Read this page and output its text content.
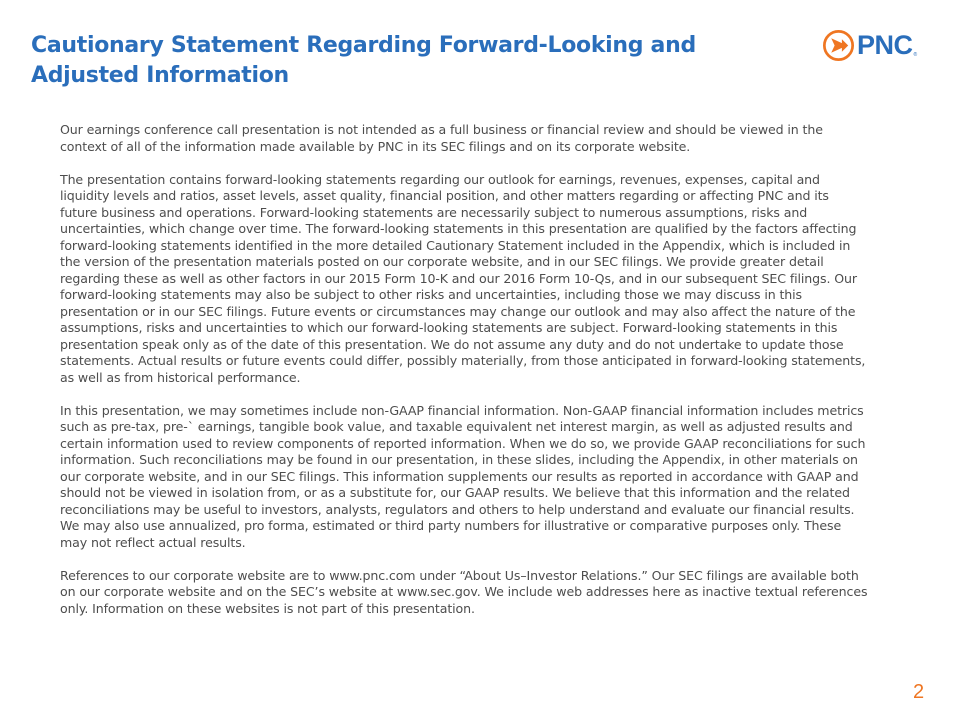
Cautionary Statement Regarding Forward-Looking and Adjusted Information
PNC ®

Our earnings conference call presentation is not intended as a full business or financial review and should be viewed in the context of all of the information made available by PNC in its SEC filings and on its corporate website.

The presentation contains forward-looking statements regarding our outlook for earnings, revenues, expenses, capital and liquidity levels and ratios, asset levels, asset quality, financial position, and other matters regarding or affecting PNC and its future business and operations. Forward-looking statements are necessarily subject to numerous assumptions, risks and uncertainties, which change over time. The forward-looking statements in this presentation are qualified by the factors affecting forward-looking statements identified in the more detailed Cautionary Statement included in the Appendix, which is included in the version of the presentation materials posted on our corporate website, and in our SEC filings. We provide greater detail regarding these as well as other factors in our 2015 Form 10-K and our 2016 Form 10-Qs, and in our subsequent SEC filings. Our forward-looking statements may also be subject to other risks and uncertainties, including those we may discuss in this presentation or in our SEC filings. Future events or circumstances may change our outlook and may also affect the nature of the assumptions, risks and uncertainties to which our forward-looking statements are subject. Forward-looking statements in this presentation speak only as of the date of this presentation. We do not assume any duty and do not undertake to update those statements. Actual results or future events could differ, possibly materially, from those anticipated in forward-looking statements, as well as from historical performance.

In this presentation, we may sometimes include non-GAAP financial information. Non-GAAP financial information includes metrics such as pre-tax, pre-` earnings, tangible book value, and taxable equivalent net interest margin, as well as adjusted results and certain information used to review components of reported information. When we do so, we provide GAAP reconciliations for such information. Such reconciliations may be found in our presentation, in these slides, including the Appendix, in other materials on our corporate website, and in our SEC filings. This information supplements our results as reported in accordance with GAAP and should not be viewed in isolation from, or as a substitute for, our GAAP results. We believe that this information and the related reconciliations may be useful to investors, analysts, regulators and others to help understand and evaluate our financial results. We may also use annualized, pro forma, estimated or third party numbers for illustrative or comparative purposes only. These may not reflect actual results.

References to our corporate website are to www.pnc.com under “About Us–Investor Relations.” Our SEC filings are available both on our corporate website and on the SEC’s website at www.sec.gov. We include web addresses here as inactive textual references only. Information on these websites is not part of this presentation.

2
